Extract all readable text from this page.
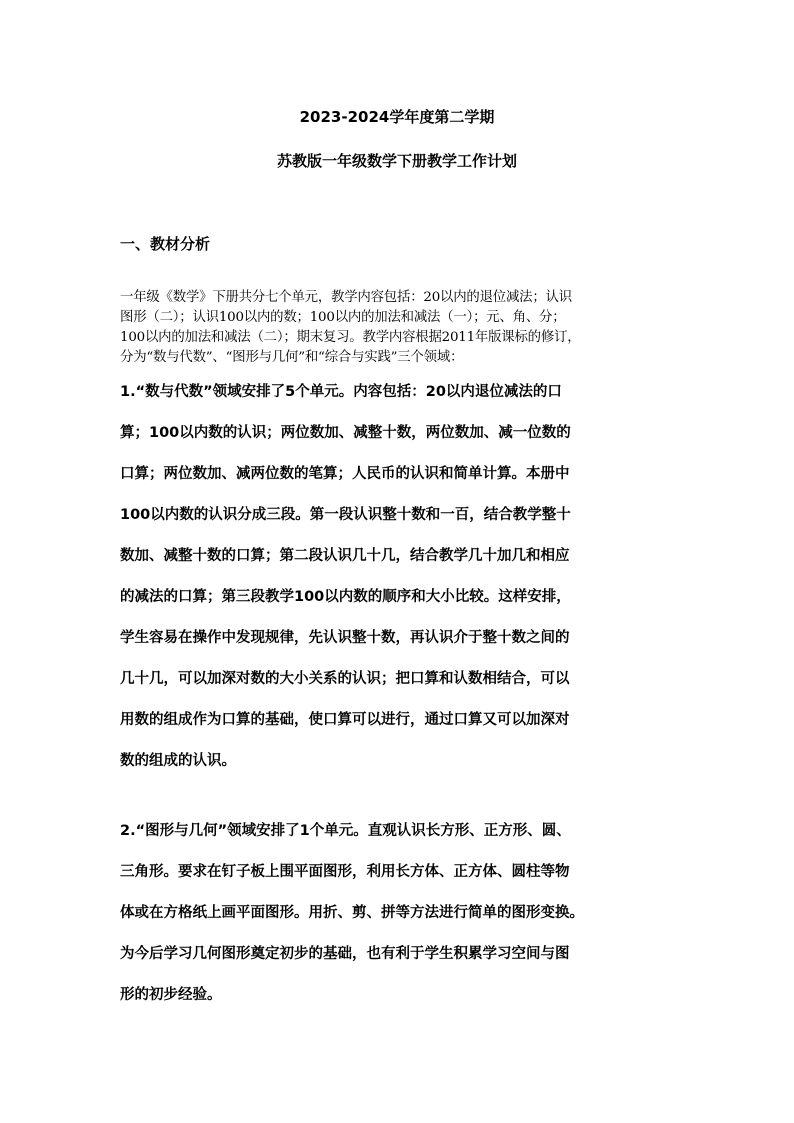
2023-2024学年度第二学期
苏教版一年级数学下册教学工作计划
一、教材分析
一年级《数学》下册共分七个单元，教学内容包括：20以内的退位减法；认识
图形（二）；认识100以内的数；100以内的加法和减法（一）；元、角、分；
100以内的加法和减法（二）；期末复习。教学内容根据2011年版课标的修订，
分为“数与代数”、“图形与几何”和“综合与实践”三个领域：
1.“数与代数”领域安排了5个单元。内容包括：20以内退位减法的口
算；100以内数的认识；两位数加、减整十数，两位数加、减一位数的
口算；两位数加、减两位数的笔算；人民币的认识和简单计算。本册中
100以内数的认识分成三段。第一段认识整十数和一百，结合教学整十
数加、减整十数的口算；第二段认识几十几，结合教学几十加几和相应
的减法的口算；第三段教学100以内数的顺序和大小比较。这样安排，
学生容易在操作中发现规律，先认识整十数，再认识介于整十数之间的
几十几，可以加深对数的大小关系的认识；把口算和认数相结合，可以
用数的组成作为口算的基础，使口算可以进行，通过口算又可以加深对
数的组成的认识。
2.“图形与几何”领域安排了1个单元。直观认识长方形、正方形、圆、
三角形。要求在钉子板上围平面图形，利用长方体、正方体、圆柱等物
体或在方格纸上画平面图形。用折、剪、拼等方法进行简单的图形变换。
为今后学习几何图形奠定初步的基础，也有利于学生积累学习空间与图
形的初步经验。
